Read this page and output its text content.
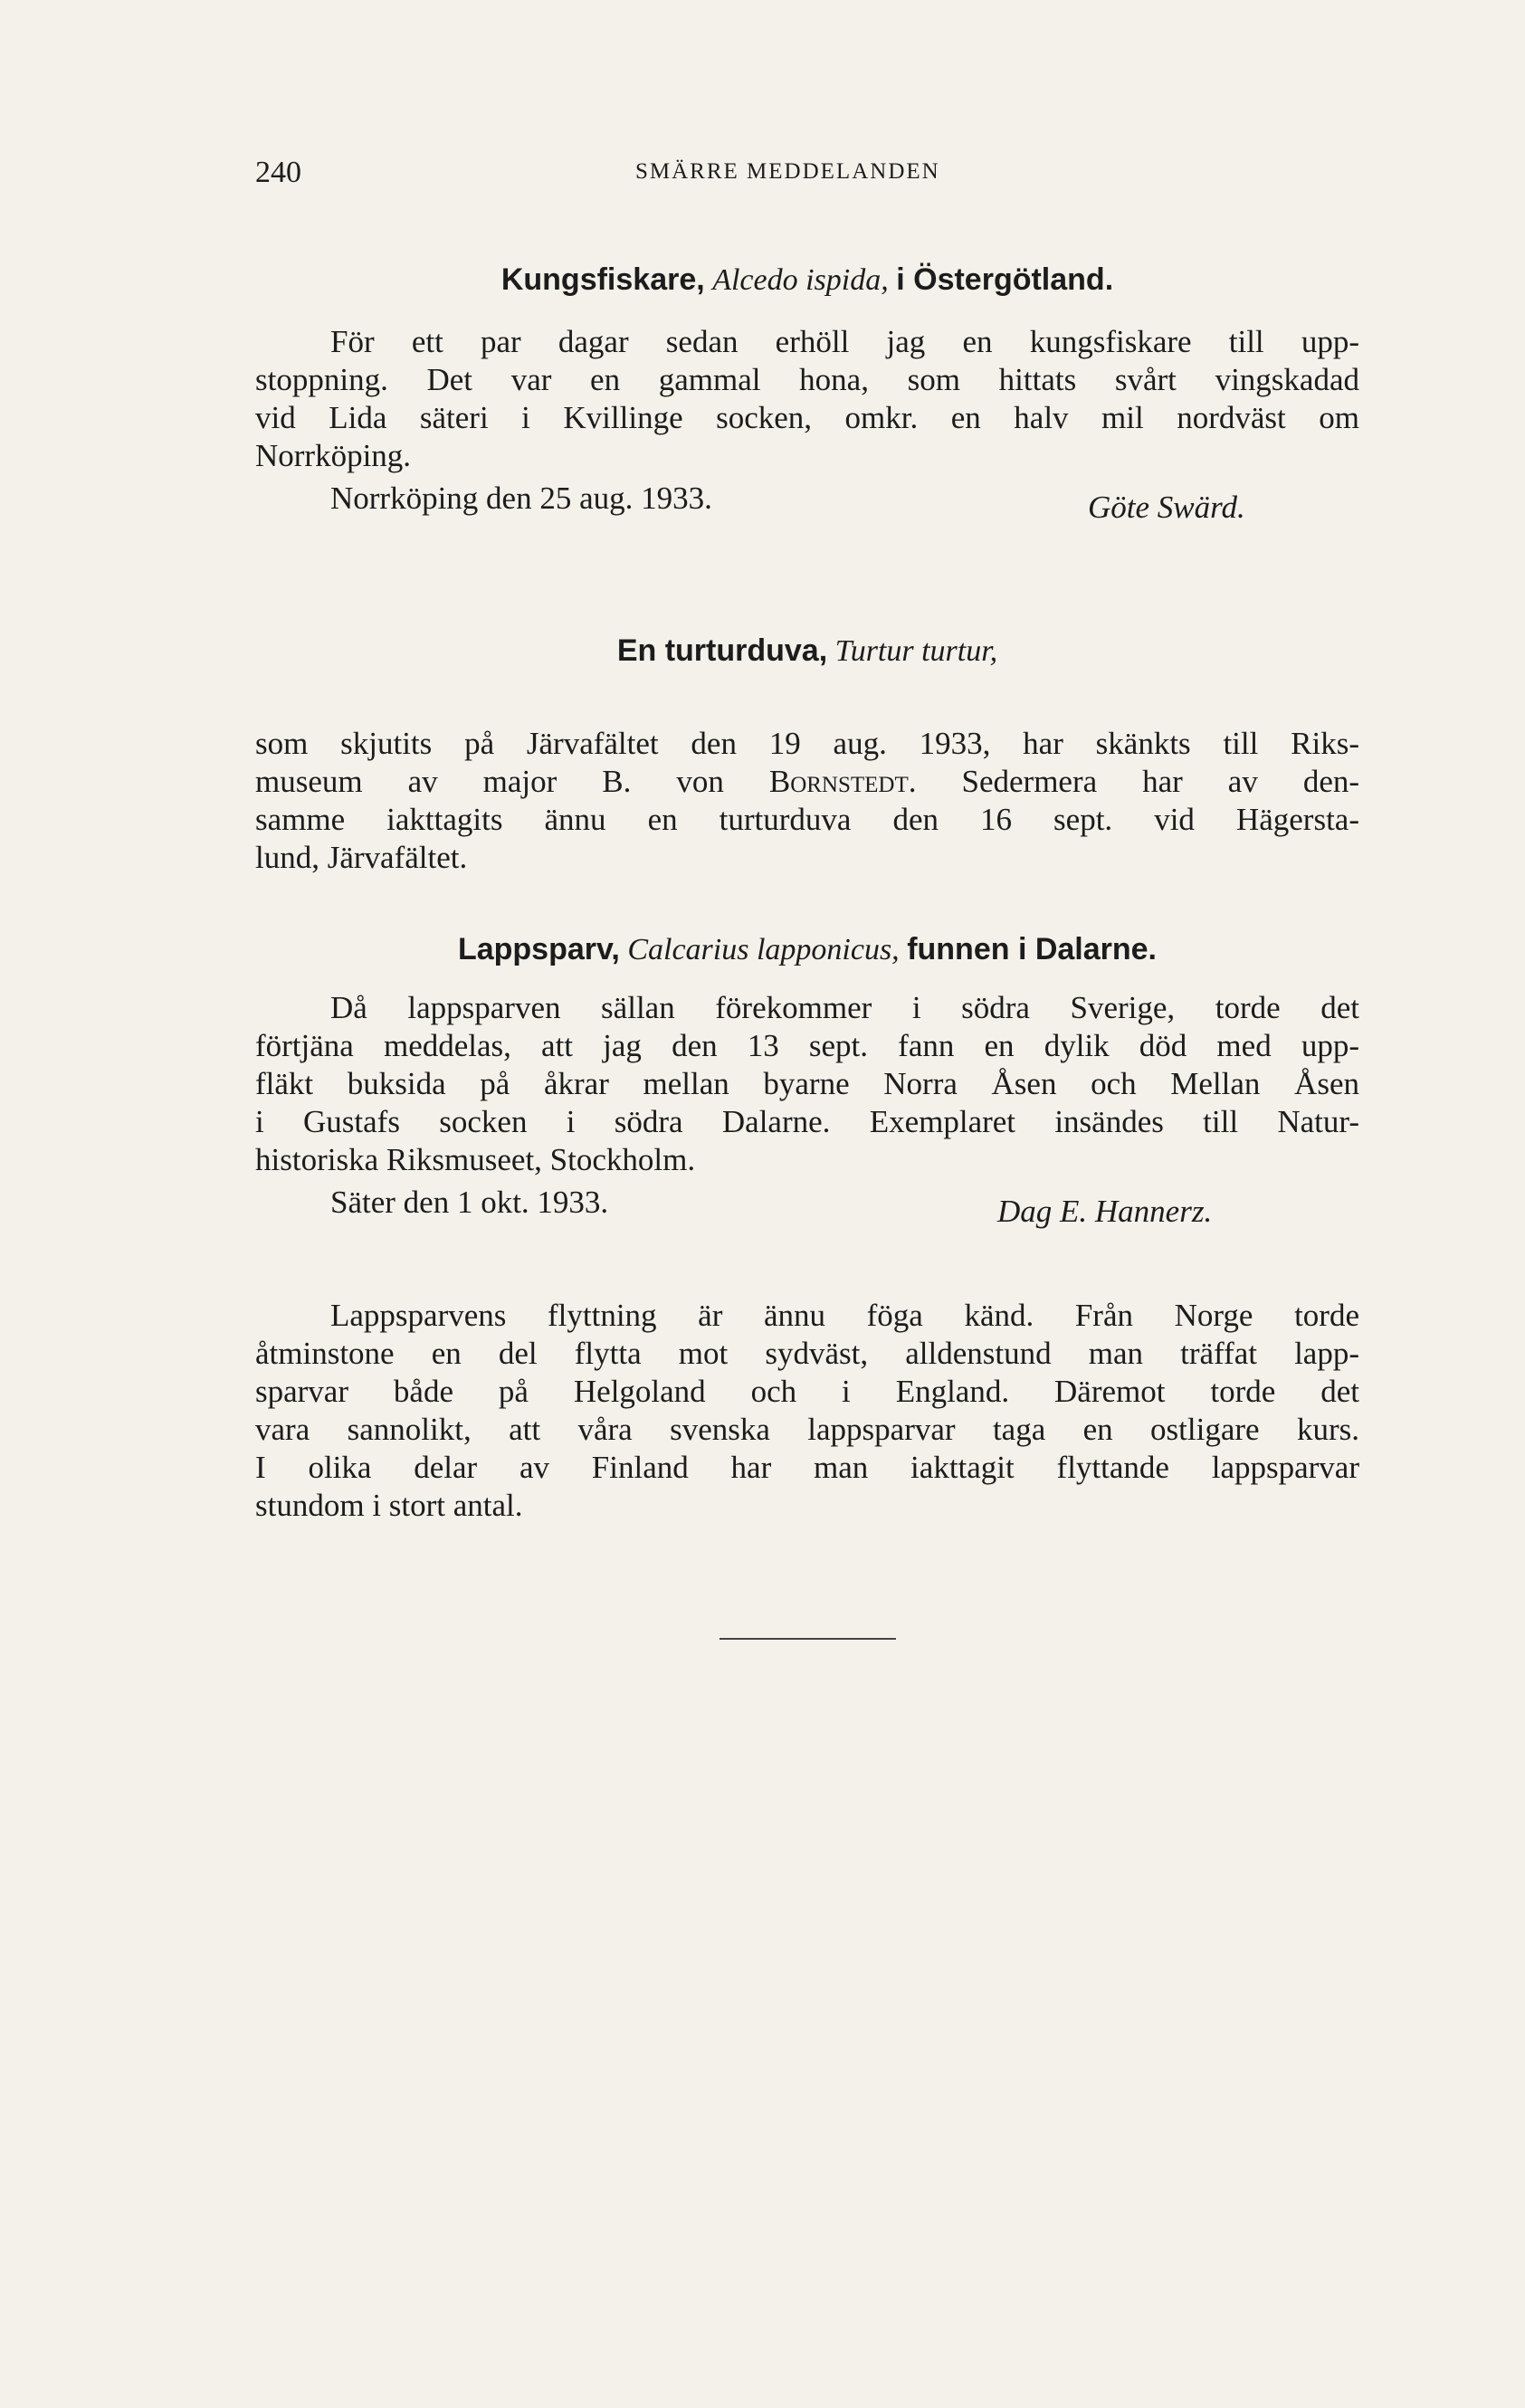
240	SMÄRRE MEDDELANDEN
Kungsfiskare, Alcedo ispida, i Östergötland.
För ett par dagar sedan erhöll jag en kungsfiskare till upp-
stoppning. Det var en gammal hona, som hittats svårt vingskadad
vid Lida säteri i Kvillinge socken, omkr. en halv mil nordväst om
Norrköping.
Norrköping den 25 aug. 1933.	Göte Swärd.
En turturduva, Turtur turtur,
som skjutits på Järvafältet den 19 aug. 1933, har skänkts till Riks-
museum av major B. von Bornstedt. Sedermera har av den-
samme iakttagits ännu en turturduva den 16 sept. vid Hägersta-
lund, Järvafältet.
Lappsparv, Calcarius lapponicus, funnen i Dalarne.
Då lappsparven sällan förekommer i södra Sverige, torde det
förtjäna meddelas, att jag den 13 sept. fann en dylik död med upp-
fläkt buksida på åkrar mellan byarne Norra Åsen och Mellan Åsen
i Gustafs socken i södra Dalarne. Exemplaret insändes till Natur-
historiska Riksmuseet, Stockholm.
Säter den 1 okt. 1933.	Dag E. Hannerz.
Lappsparvens flyttning är ännu föga känd. Från Norge torde
åtminstone en del flytta mot sydväst, alldenstund man träffat lapp-
sparvar både på Helgoland och i England. Däremot torde det
vara sannolikt, att våra svenska lappsparvar taga en ostligare kurs.
I olika delar av Finland har man iakttagit flyttande lappsparvar
stundom i stort antal.
